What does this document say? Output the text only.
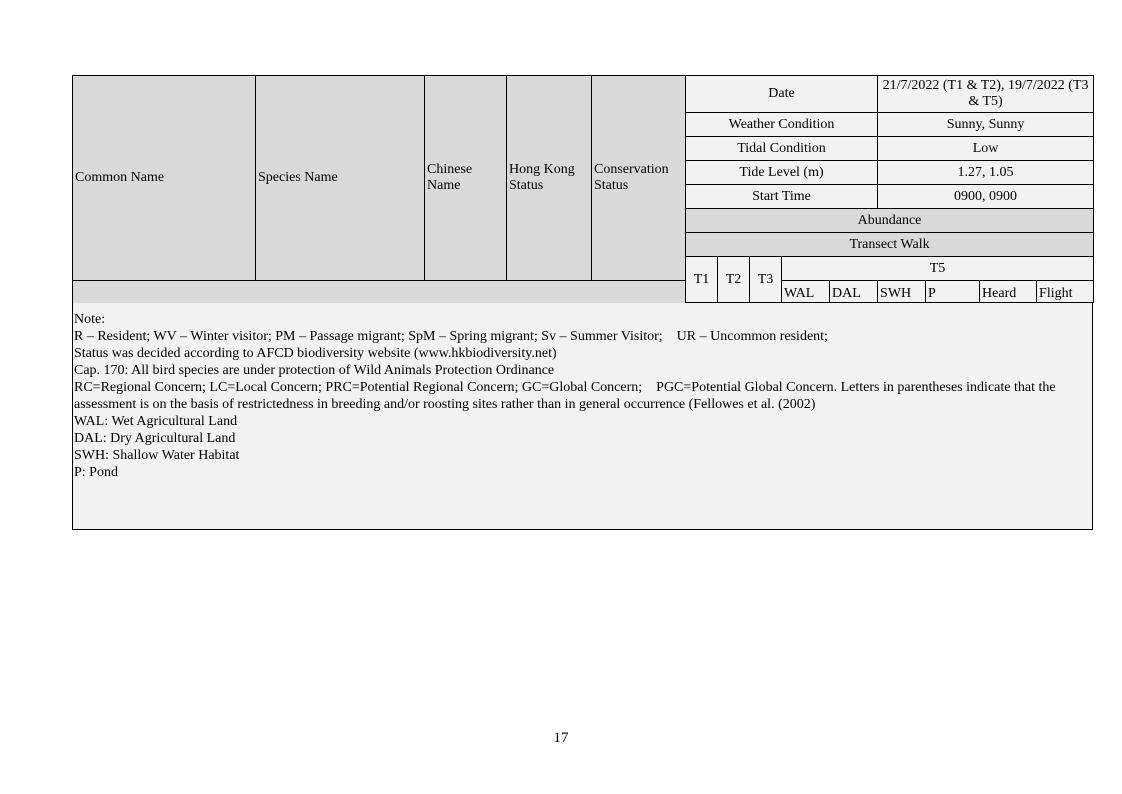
Common Name	Species Name	Chinese Name	Hong Kong Status	Conservation Status	Date					21/7/2022 (T1 & T2), 19/7/2022 (T3 & T5)			
					Weather Condition					Sunny, Sunny			
					Tidal Condition					Low			
					Tide Level (m)					1.27, 1.05			
					Start Time					0900, 0900			
					Abundance								
					Transect Walk								
					T1	T2	T3	T5					
								WAL	DAL	SWH	P	Heard	Flight
Note:
R – Resident; WV – Winter visitor; PM – Passage migrant; SpM – Spring migrant; Sv – Summer Visitor;    UR – Uncommon resident;
Status was decided according to AFCD biodiversity website (www.hkbiodiversity.net)
Cap. 170: All bird species are under protection of Wild Animals Protection Ordinance
RC=Regional Concern; LC=Local Concern; PRC=Potential Regional Concern; GC=Global Concern;    PGC=Potential Global Concern. Letters in parentheses indicate that the assessment is on the basis of restrictedness in breeding and/or roosting sites rather than in general occurrence (Fellowes et al. (2002)
WAL: Wet Agricultural Land
DAL: Dry Agricultural Land
SWH: Shallow Water Habitat
P: Pond
17
